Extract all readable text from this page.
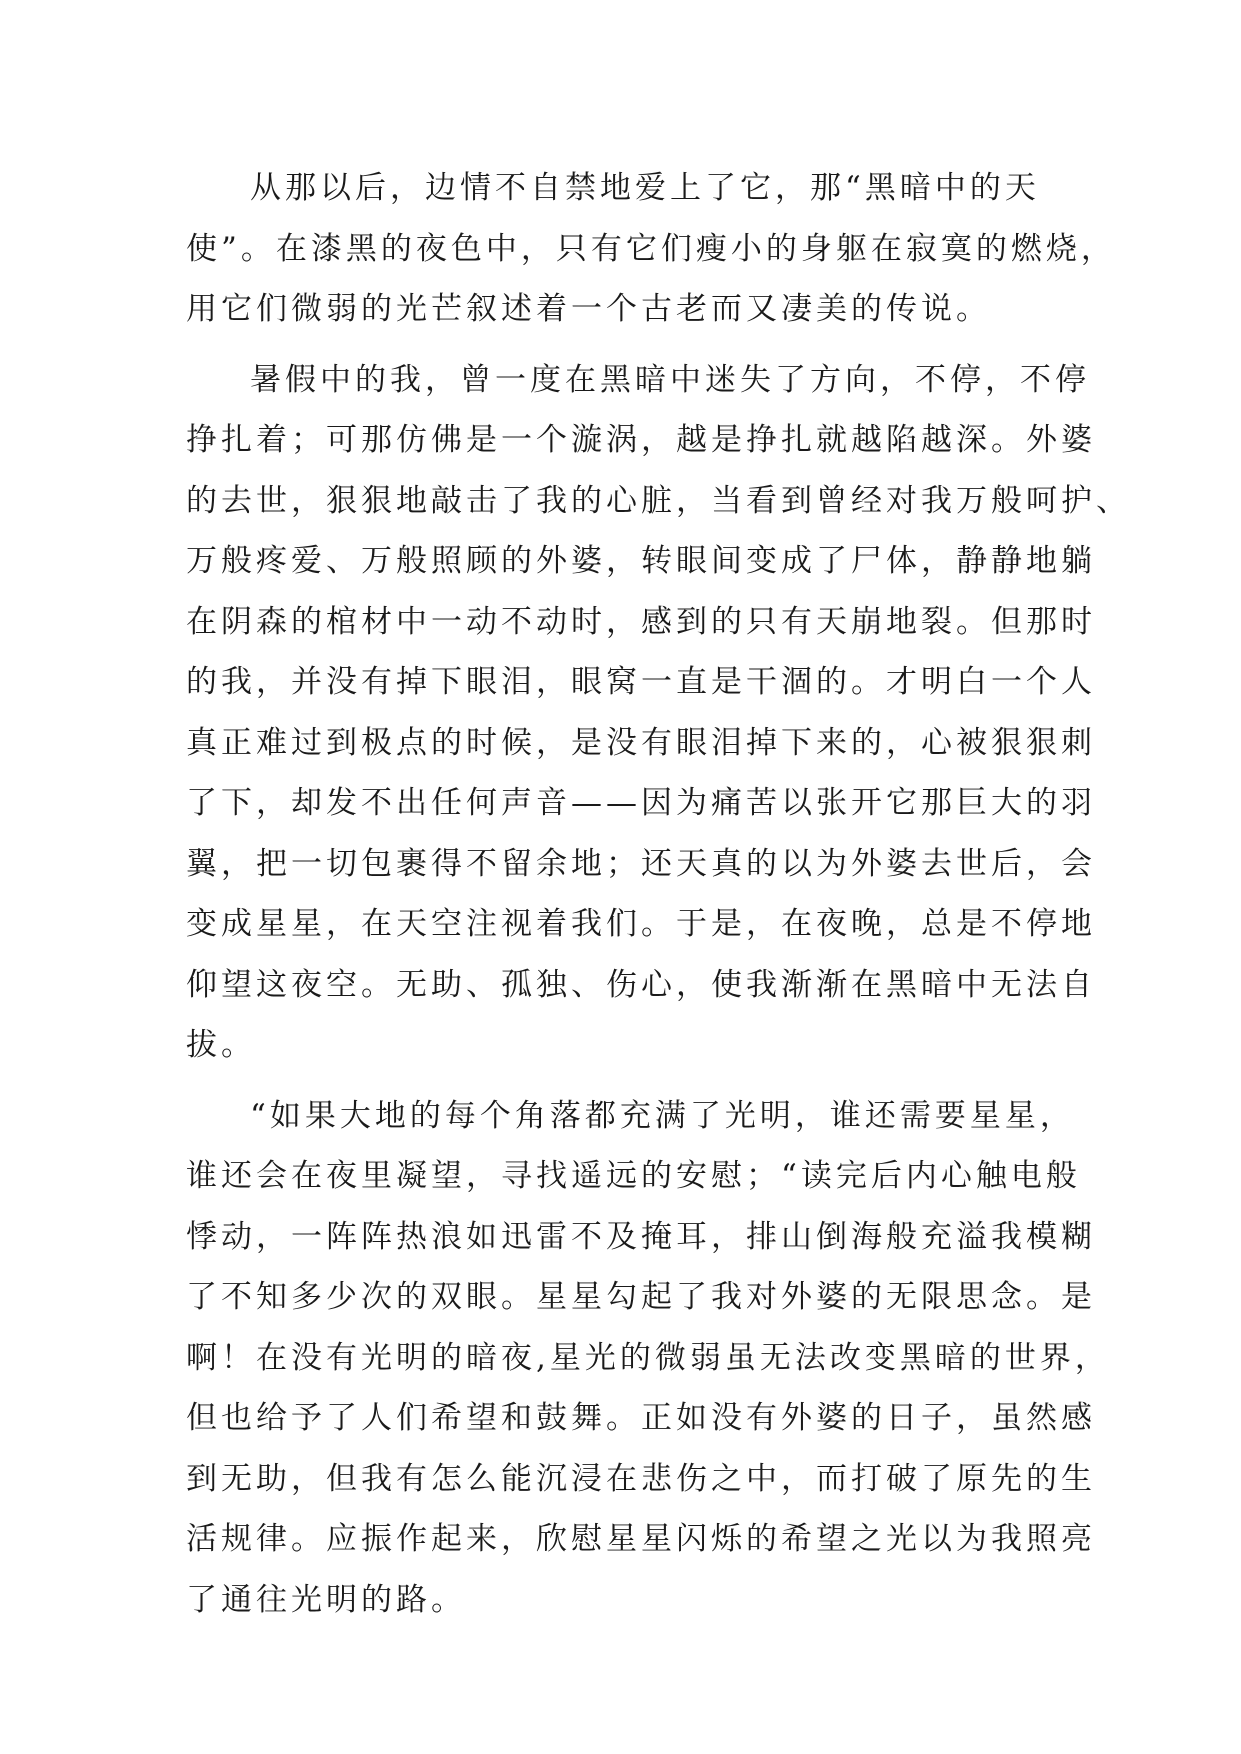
从那以后，边情不自禁地爱上了它，那“黑暗中的天
使”。在漆黑的夜色中，只有它们瘦小的身躯在寂寞的燃烧，
用它们微弱的光芒叙述着一个古老而又凄美的传说。
暑假中的我，曾一度在黑暗中迷失了方向，不停，不停
挣扎着；可那仿佛是一个漩涡，越是挣扎就越陷越深。外婆
的去世，狠狠地敲击了我的心脏，当看到曾经对我万般呵护、
万般疼爱、万般照顾的外婆，转眼间变成了尸体，静静地躺
在阴森的棺材中一动不动时，感到的只有天崩地裂。但那时
的我，并没有掉下眼泪，眼窝一直是干涸的。才明白一个人
真正难过到极点的时候，是没有眼泪掉下来的，心被狠狠刺
了下，却发不出任何声音——因为痛苦以张开它那巨大的羽
翼，把一切包裹得不留余地；还天真的以为外婆去世后，会
变成星星，在天空注视着我们。于是，在夜晚，总是不停地
仰望这夜空。无助、孤独、伤心，使我渐渐在黑暗中无法自
拔。
“如果大地的每个角落都充满了光明，谁还需要星星，
谁还会在夜里凝望，寻找遥远的安慰；“读完后内心触电般
悸动，一阵阵热浪如迅雷不及掩耳，排山倒海般充溢我模糊
了不知多少次的双眼。星星勾起了我对外婆的无限思念。是
啊！在没有光明的暗夜,星光的微弱虽无法改变黑暗的世界，
但也给予了人们希望和鼓舞。正如没有外婆的日子，虽然感
到无助，但我有怎么能沉浸在悲伤之中，而打破了原先的生
活规律。应振作起来，欣慰星星闪烁的希望之光以为我照亮
了通往光明的路。
